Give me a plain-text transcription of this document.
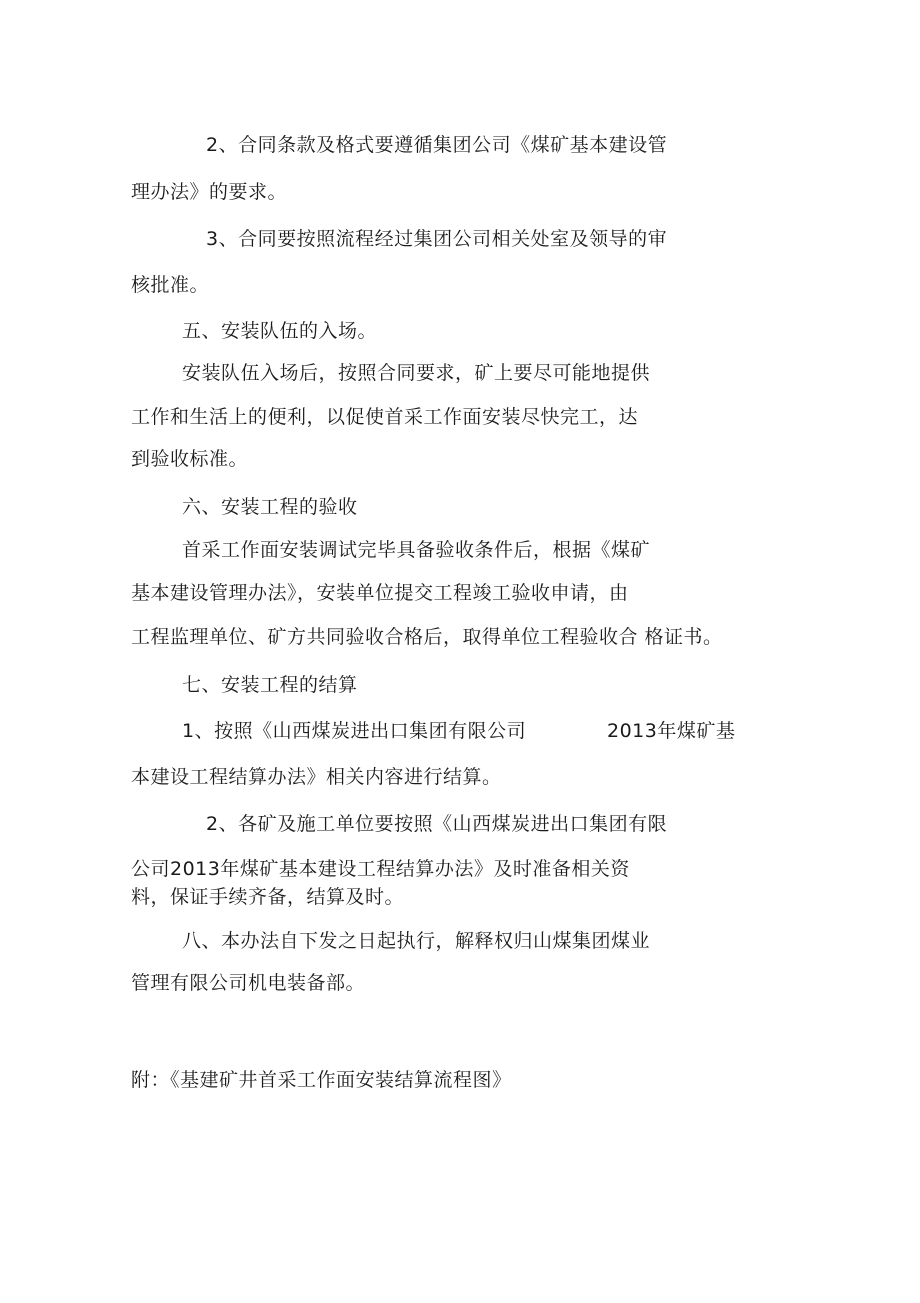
2、合同条款及格式要遵循集团公司《煤矿基本建设管
理办法》的要求。
3、合同要按照流程经过集团公司相关处室及领导的审
核批准。
五、安装队伍的入场。
安装队伍入场后，按照合同要求，矿上要尽可能地提供
工作和生活上的便利，以促使首采工作面安装尽快完工，达
到验收标准。
六、安装工程的验收
首采工作面安装调试完毕具备验收条件后，根据《煤矿
基本建设管理办法》，安装单位提交工程竣工验收申请，由
工程监理单位、矿方共同验收合格后，取得单位工程验收合 格证书。
七、安装工程的结算
1、按照《山西煤炭进出口集团有限公司	2013年煤矿基
本建设工程结算办法》相关内容进行结算。
2、各矿及施工单位要按照《山西煤炭进出口集团有限
公司2013年煤矿基本建设工程结算办法》及时准备相关资
料，保证手续齐备，结算及时。
八、本办法自下发之日起执行，解释权归山煤集团煤业
管理有限公司机电装备部。
附：《基建矿井首采工作面安装结算流程图》
